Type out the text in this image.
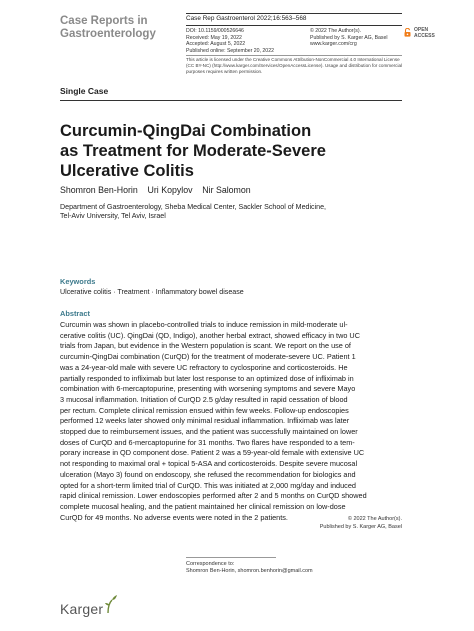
Case Reports in
Gastroenterology
Case Rep Gastroenterol 2022;16:563–568
DOI: 10.1159/000526646
Received: May 19, 2022
Accepted: August 5, 2022
Published online: September 20, 2022
© 2022 The Author(s).
Published by S. Karger AG, Basel
www.karger.com/crg
OPEN
ACCESS
This article is licensed under the Creative Commons Attribution-NonCommercial 4.0 International License
(CC BY-NC) (http://www.karger.com/Services/OpenAccessLicense). Usage and distribution for commercial
purposes requires written permission.
Single Case
Curcumin-QingDai Combination
as Treatment for Moderate-Severe
Ulcerative Colitis
Shomron Ben-Horin    Uri Kopylov    Nir Salomon
Department of Gastroenterology, Sheba Medical Center, Sackler School of Medicine,
Tel-Aviv University, Tel Aviv, Israel
Keywords
Ulcerative colitis · Treatment · Inflammatory bowel disease
Abstract
Curcumin was shown in placebo-controlled trials to induce remission in mild-moderate ul-
cerative colitis (UC). QingDai (QD, Indigo), another herbal extract, showed efficacy in two UC
trials from Japan, but evidence in the Western population is scant. We report on the use of
curcumin-QingDai combination (CurQD) for the treatment of moderate-severe UC. Patient 1
was a 24-year-old male with severe UC refractory to cyclosporine and corticosteroids. He
partially responded to infliximab but later lost response to an optimized dose of infliximab in
combination with 6-mercaptopurine, presenting with worsening symptoms and severe Mayo
3 mucosal inflammation. Initiation of CurQD 2.5 g/day resulted in rapid cessation of blood
per rectum. Complete clinical remission ensued within few weeks. Follow-up endoscopies
performed 12 weeks later showed only minimal residual inflammation. Infliximab was later
stopped due to reimbursement issues, and the patient was successfully maintained on lower
doses of CurQD and 6-mercaptopurine for 31 months. Two flares have responded to a tem-
porary increase in QD component dose. Patient 2 was a 59-year-old female with extensive UC
not responding to maximal oral + topical 5-ASA and corticosteroids. Despite severe mucosal
ulceration (Mayo 3) found on endoscopy, she refused the recommendation for biologics and
opted for a short-term limited trial of CurQD. This was initiated at 2,000 mg/day and induced
rapid clinical remission. Lower endoscopies performed after 2 and 5 months on CurQD showed
complete mucosal healing, and the patient maintained her clinical remission on low-dose
CurQD for 49 months. No adverse events were noted in the 2 patients.	© 2022 The Author(s).
Published by S. Karger AG, Basel
Correspondence to:
Shomron Ben-Horin, shomron.benhorin@gmail.com
Karger
